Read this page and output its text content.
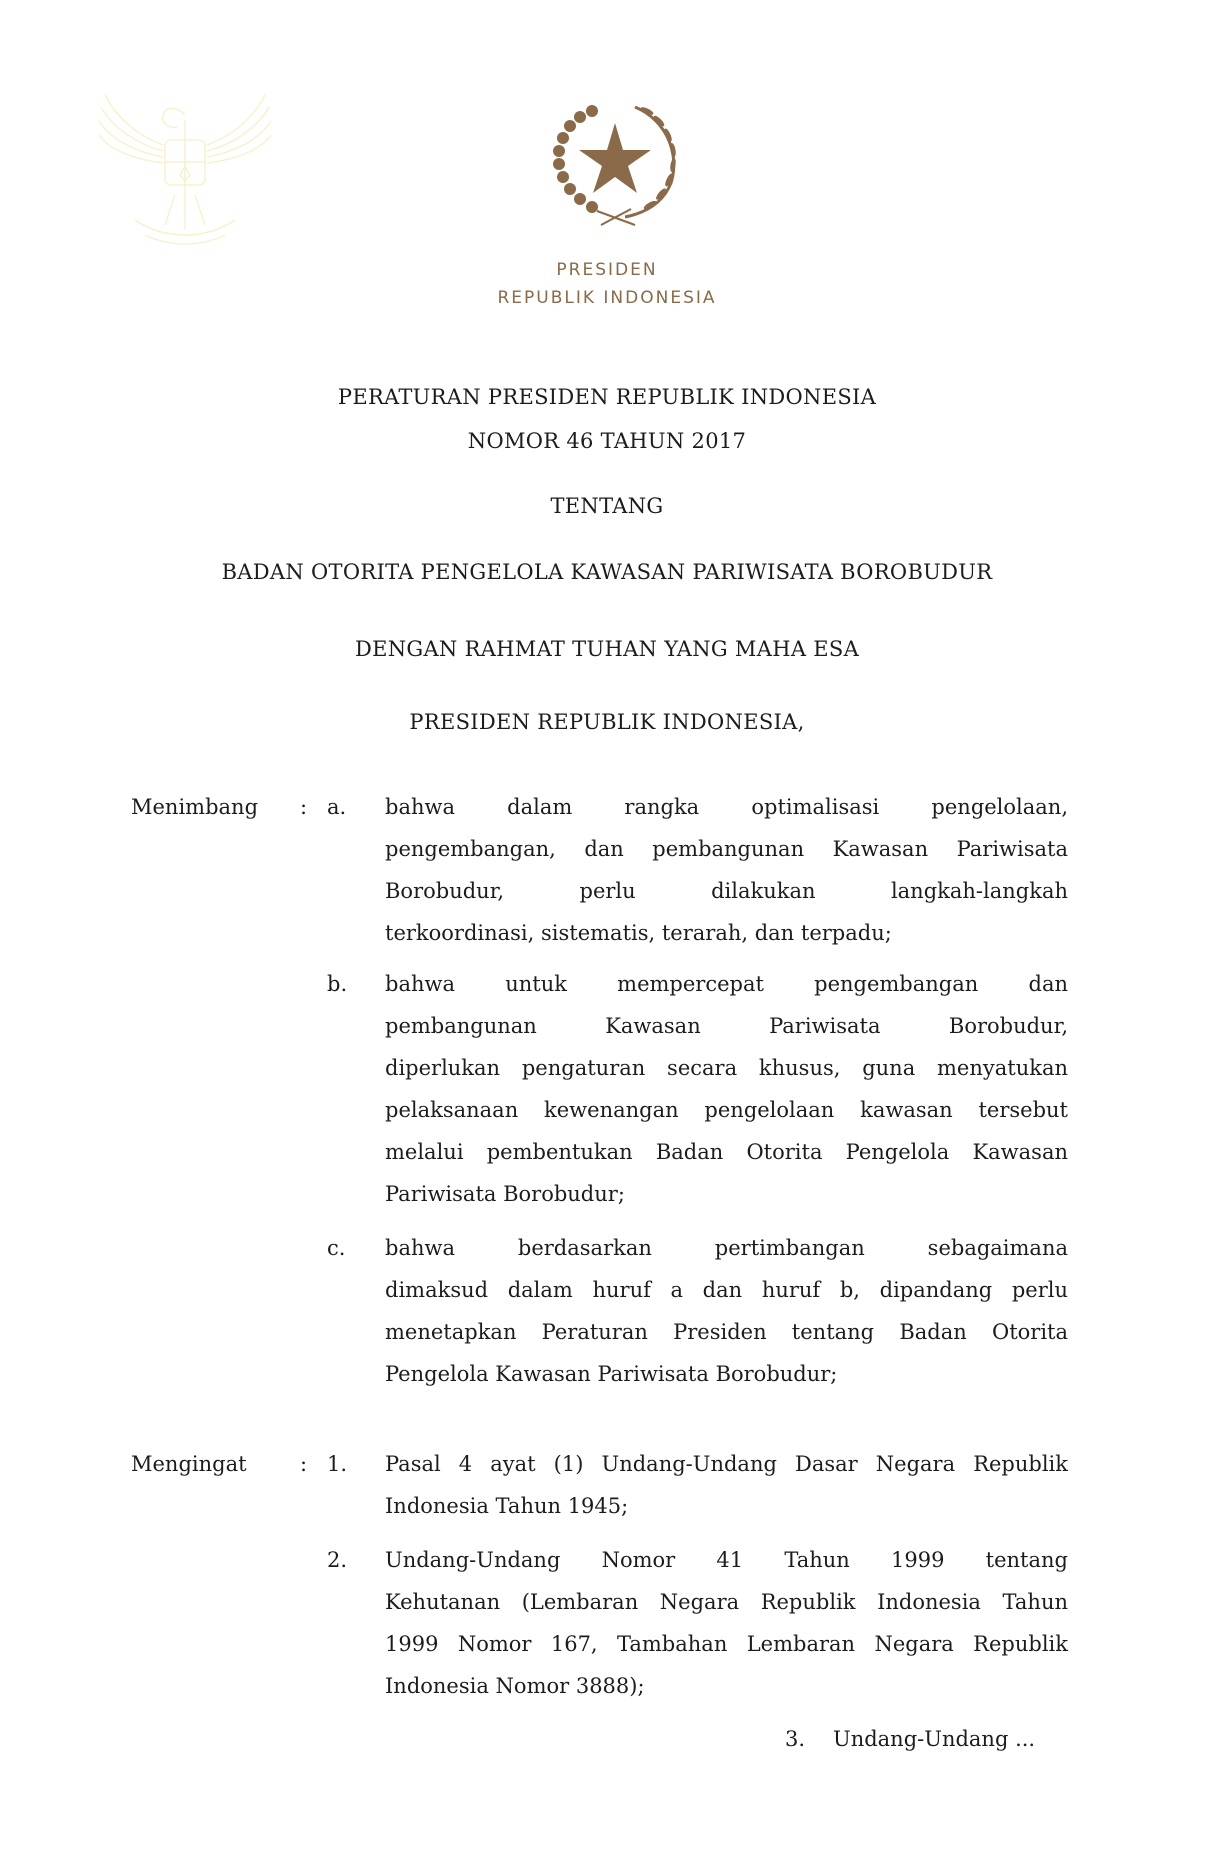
PRESIDEN
REPUBLIK INDONESIA
PERATURAN PRESIDEN REPUBLIK INDONESIA
NOMOR 46 TAHUN 2017
TENTANG
BADAN OTORITA PENGELOLA KAWASAN PARIWISATA BOROBUDUR
DENGAN RAHMAT TUHAN YANG MAHA ESA
PRESIDEN REPUBLIK INDONESIA,
Menimbang : a. bahwa dalam rangka optimalisasi pengelolaan,
pengembangan, dan pembangunan Kawasan Pariwisata
Borobudur, perlu dilakukan langkah-langkah
terkoordinasi, sistematis, terarah, dan terpadu;
b. bahwa untuk mempercepat pengembangan dan
pembangunan Kawasan Pariwisata Borobudur,
diperlukan pengaturan secara khusus, guna menyatukan
pelaksanaan kewenangan pengelolaan kawasan tersebut
melalui pembentukan Badan Otorita Pengelola Kawasan
Pariwisata Borobudur;
c. bahwa berdasarkan pertimbangan sebagaimana
dimaksud dalam huruf a dan huruf b, dipandang perlu
menetapkan Peraturan Presiden tentang Badan Otorita
Pengelola Kawasan Pariwisata Borobudur;
Mengingat	: 1. Pasal 4 ayat (1) Undang-Undang Dasar Negara Republik
Indonesia Tahun 1945;
2. Undang-Undang Nomor 41 Tahun 1999 tentang
Kehutanan (Lembaran Negara Republik Indonesia Tahun
1999 Nomor 167, Tambahan Lembaran Negara Republik
Indonesia Nomor 3888);
3. Undang-Undang ...
